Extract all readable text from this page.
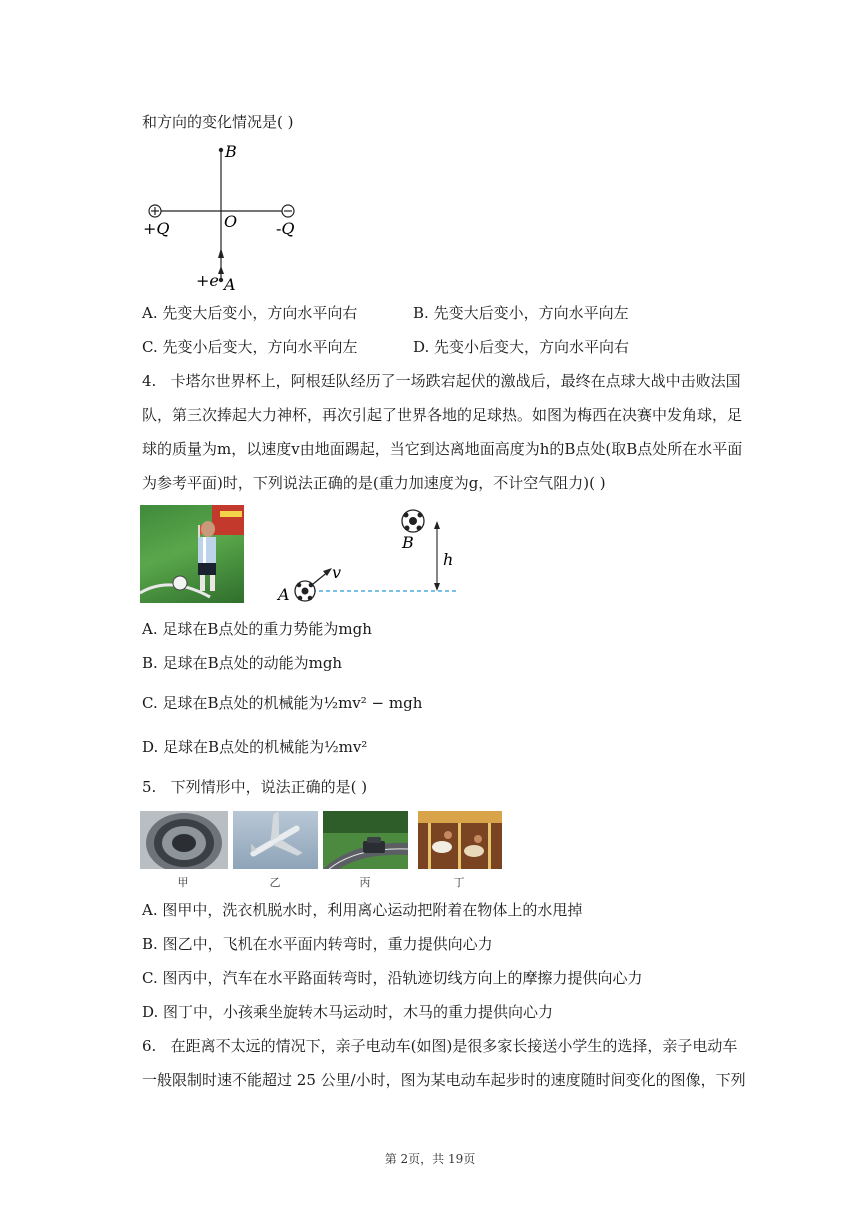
和方向的变化情况是( )
B
O
+Q	-Q
+e A
A. 先变大后变小，方向水平向右	B. 先变大后变小，方向水平向左
C. 先变小后变大，方向水平向左	D. 先变小后变大，方向水平向右
4. 卡塔尔世界杯上，阿根廷队经历了一场跌宕起伏的激战后，最终在点球大战中击败法国
队，第三次捧起大力神杯，再次引起了世界各地的足球热。如图为梅西在决赛中发角球，足
球的质量为m，以速度v由地面踢起，当它到达离地面高度为h的B点处(取B点处所在水平面
为参考平面)时，下列说法正确的是(重力加速度为g，不计空气阻力)( )
A
v
B
h
A. 足球在B点处的重力势能为mgh
B. 足球在B点处的动能为mgh
C. 足球在B点处的机械能为½mv² − mgh
D. 足球在B点处的机械能为½mv²
5. 下列情形中，说法正确的是( )
甲	乙	丙	丁
A. 图甲中，洗衣机脱水时，利用离心运动把附着在物体上的水甩掉
B. 图乙中，飞机在水平面内转弯时，重力提供向心力
C. 图丙中，汽车在水平路面转弯时，沿轨迹切线方向上的摩擦力提供向心力
D. 图丁中，小孩乘坐旋转木马运动时，木马的重力提供向心力
6. 在距离不太远的情况下，亲子电动车(如图)是很多家长接送小学生的选择，亲子电动车
一般限制时速不能超过 25 公里/小时，图为某电动车起步时的速度随时间变化的图像，下列
第 2页，共 19页
